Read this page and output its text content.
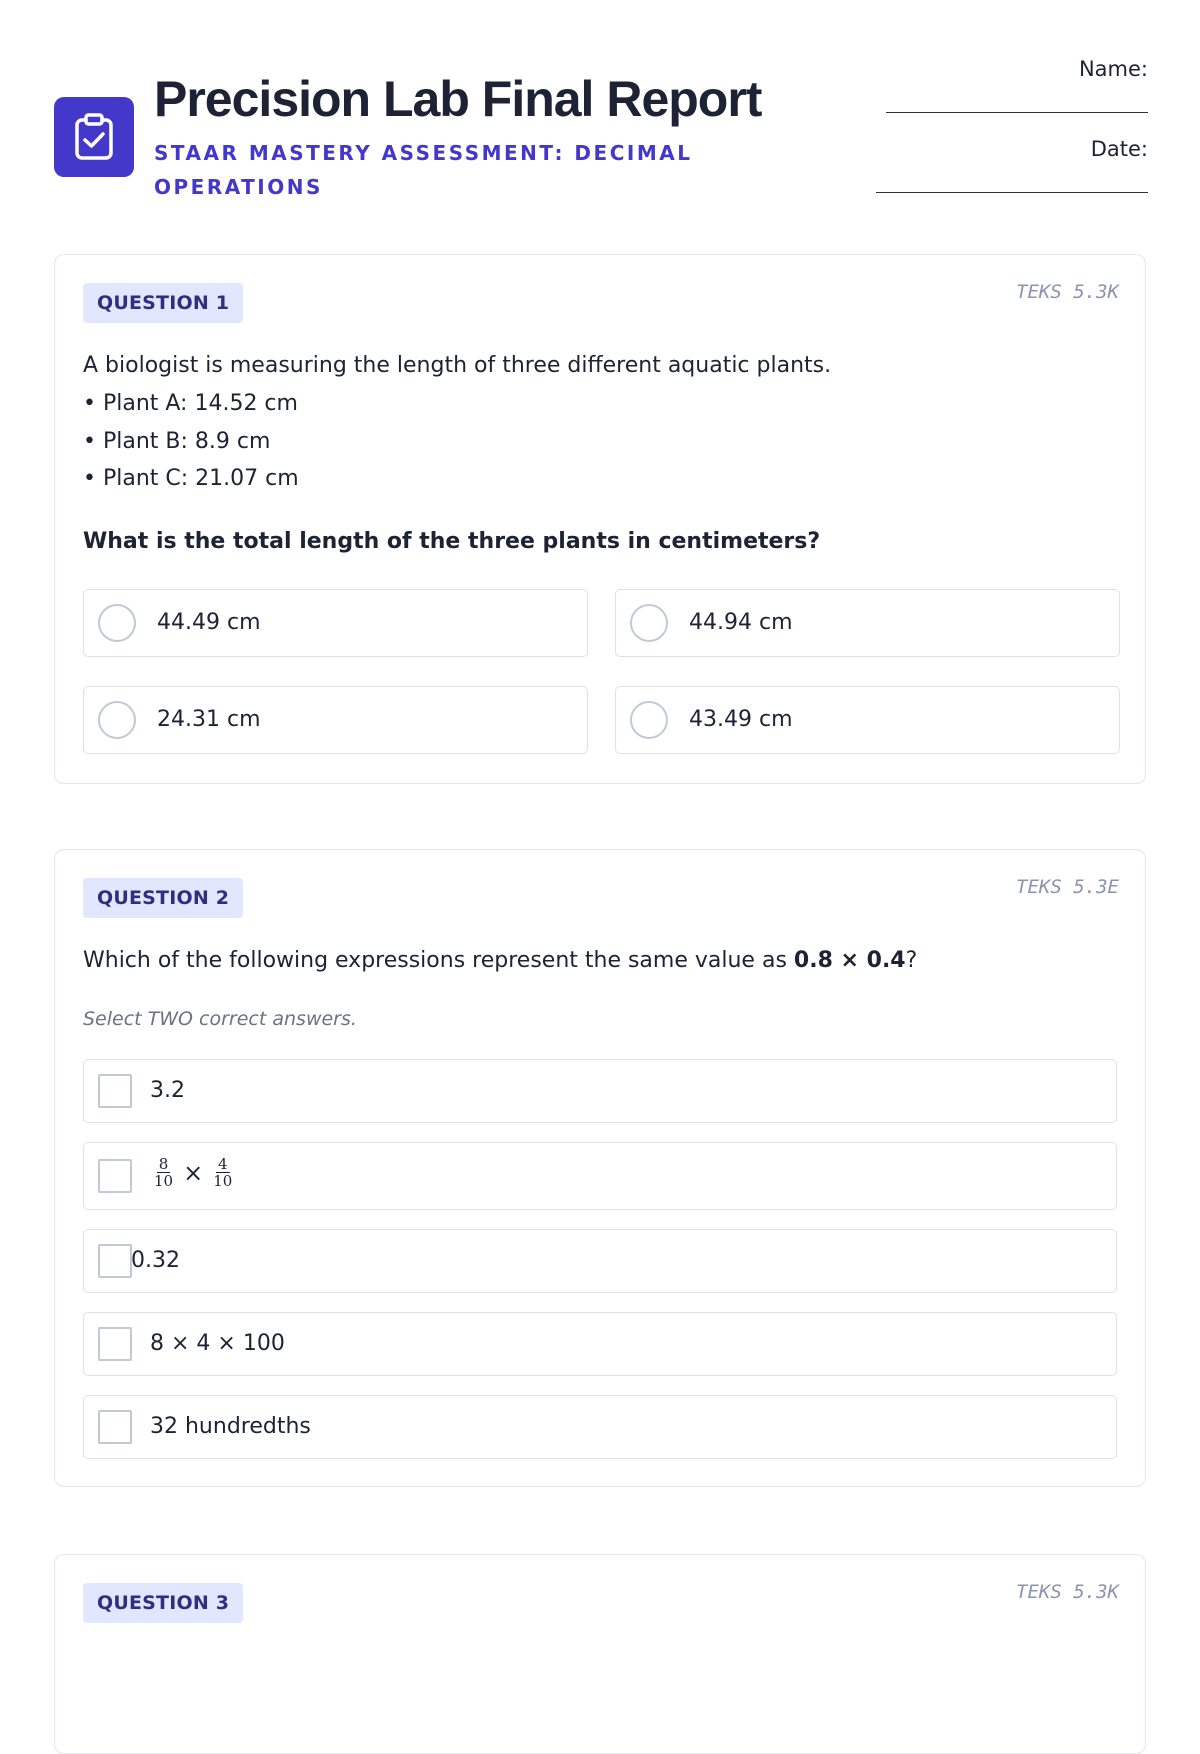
Precision Lab Final Report
STAAR MASTERY ASSESSMENT: DECIMAL OPERATIONS
Name:
Date:
QUESTION 1	TEKS 5.3K

A biologist is measuring the length of three different aquatic plants.

• Plant A: 14.52 cm

• Plant B: 8.9 cm

• Plant C: 21.07 cm

What is the total length of the three plants in centimeters?

44.49 cm	44.94 cm
24.31 cm	43.49 cm
QUESTION 2	TEKS 5.3E

Which of the following expressions represent the same value as 0.8 × 0.4?

Select TWO correct answers.

3.2
$\frac{8}{10} \times \frac{4}{10}$
0.32
8 × 4 × 100
32 hundredths
QUESTION 3	TEKS 5.3K
